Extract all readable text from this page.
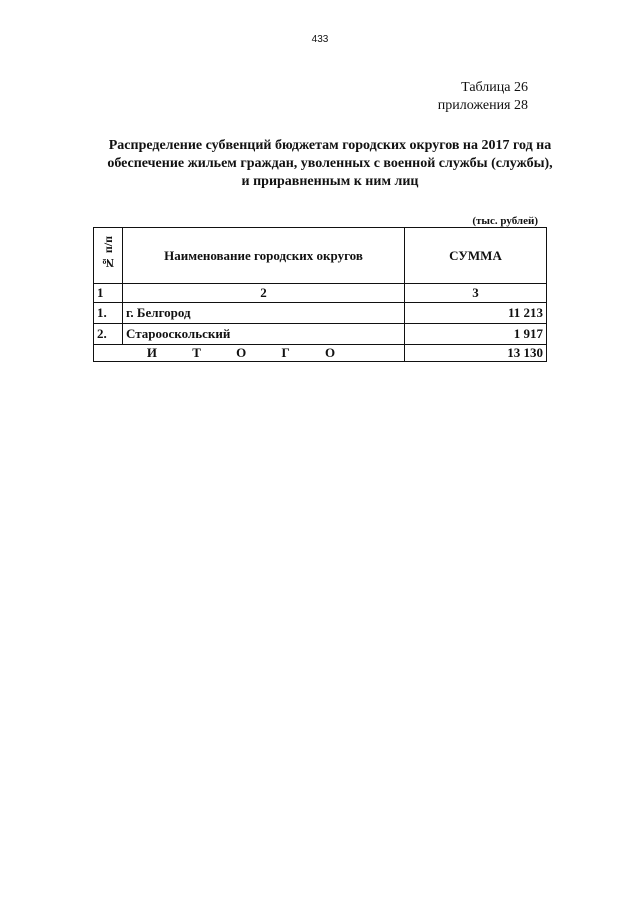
433
Таблица 26
приложения 28
Распределение субвенций бюджетам городских округов на 2017 год на
обеспечение жильем граждан, уволенных с военной службы (службы),
и приравненным к ним лиц
(тыс. рублей)
№ п/п	Наименование городских округов	СУММА
1	2	3
1.	г. Белгород	11 213
2.	Старооскольский	1 917
И Т О Г О		13 130
